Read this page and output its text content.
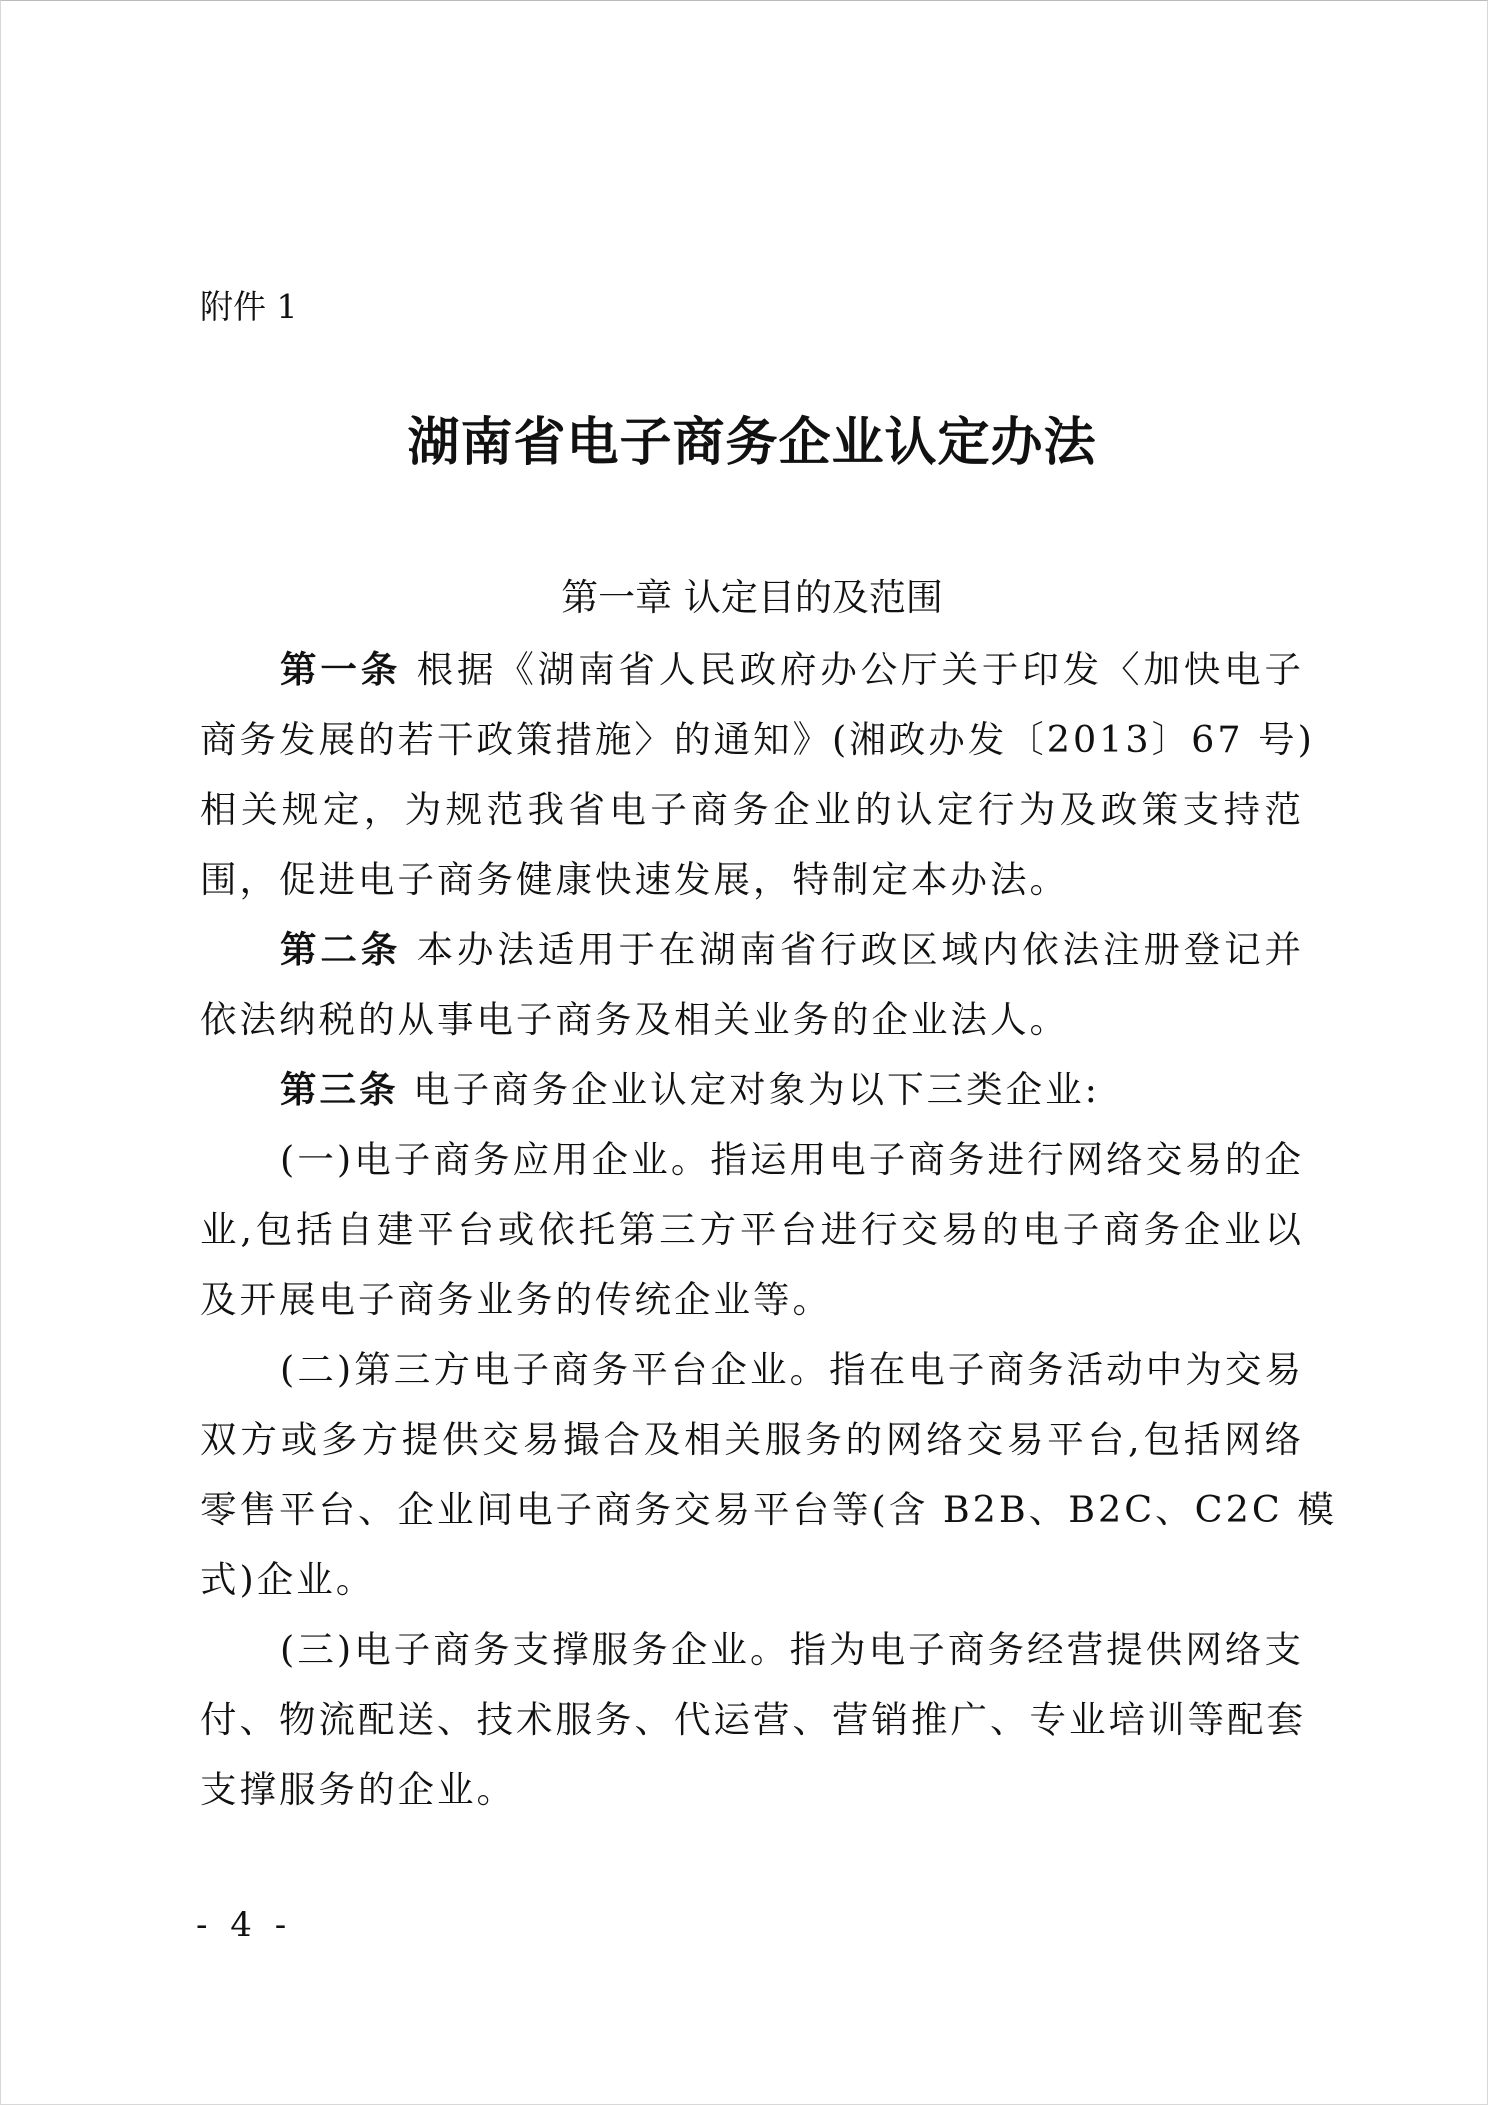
附件 1
湖南省电子商务企业认定办法
第一章 认定目的及范围
第一条 根据《湖南省人民政府办公厅关于印发〈加快电子
商务发展的若干政策措施〉的通知》(湘政办发〔2013〕67 号)
相关规定，为规范我省电子商务企业的认定行为及政策支持范
围，促进电子商务健康快速发展，特制定本办法。
第二条 本办法适用于在湖南省行政区域内依法注册登记并
依法纳税的从事电子商务及相关业务的企业法人。
第三条 电子商务企业认定对象为以下三类企业:
(一)电子商务应用企业。指运用电子商务进行网络交易的企
业,包括自建平台或依托第三方平台进行交易的电子商务企业以
及开展电子商务业务的传统企业等。
(二)第三方电子商务平台企业。指在电子商务活动中为交易
双方或多方提供交易撮合及相关服务的网络交易平台,包括网络
零售平台、企业间电子商务交易平台等(含 B2B、B2C、C2C 模
式)企业。
(三)电子商务支撑服务企业。指为电子商务经营提供网络支
付、物流配送、技术服务、代运营、营销推广、专业培训等配套
支撑服务的企业。
- 4 -
